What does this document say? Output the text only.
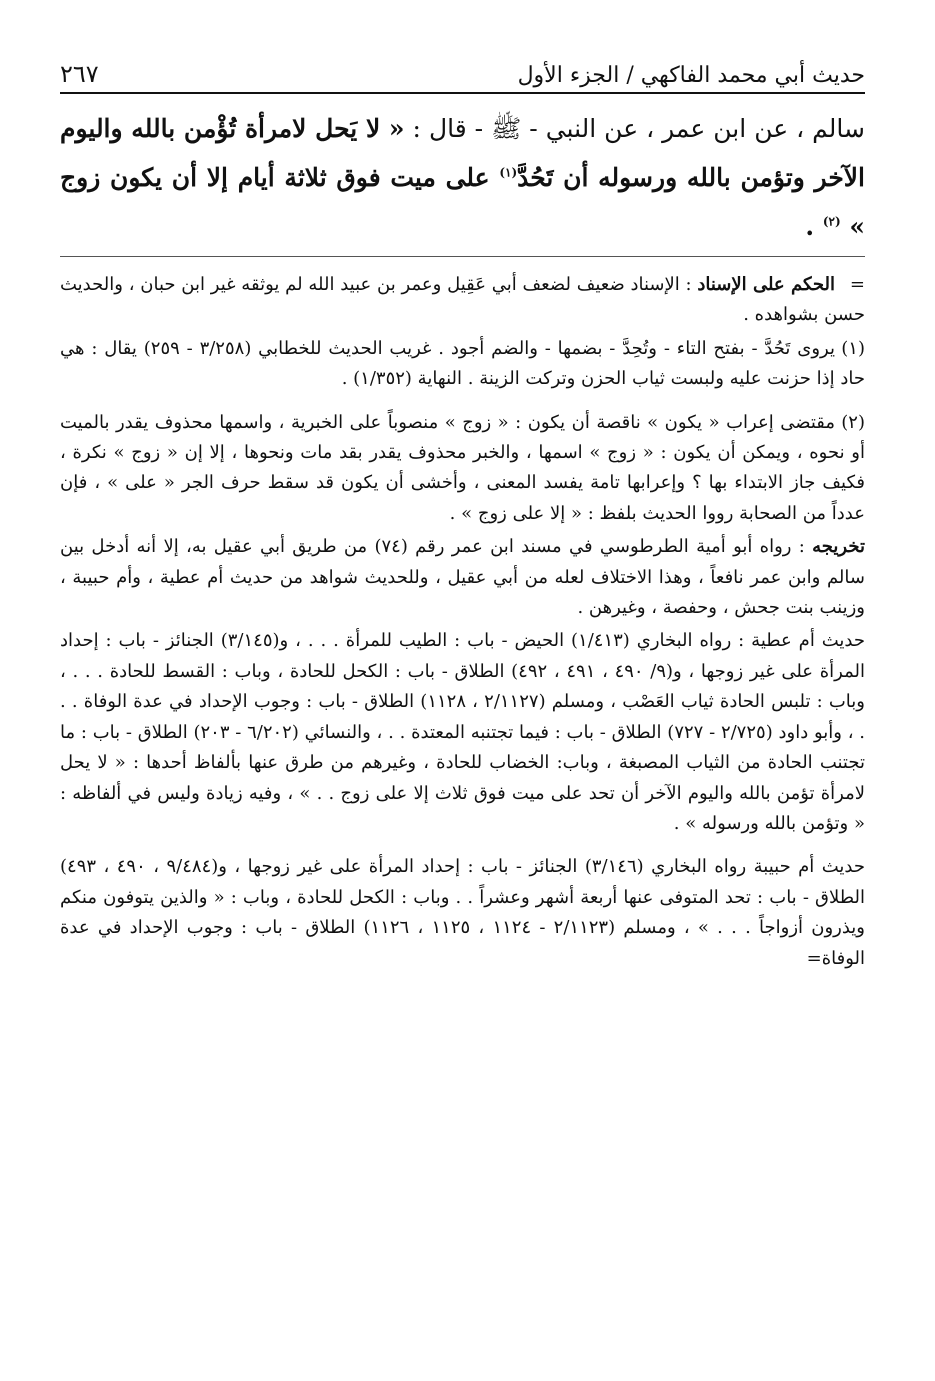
حديث أبي محمد الفاكهي / الجزء الأول
٢٦٧
سالم ، عن ابن عمر ، عن النبي - ﷺ - قال : « لا يَحل لامرأة تُؤْمن بالله واليوم الآخر وتؤمن بالله ورسوله أن تَحُدَّ$^{(١)}$ على ميت فوق ثلاثة أيام إلا أن يكون زوج » $^{(٢)}$ .

=الحكم على الإسناد : الإسناد ضعيف لضعف أبي عَقِيل وعمر بن عبيد الله لم يوثقه غير ابن حبان ، والحديث حسن بشواهده .

(١)يروى تَحُدَّ - بفتح التاء - وتُحِدَّ - بضمها - والضم أجود . غريب الحديث للخطابي (٣/٢٥٨ - ٢٥٩) يقال : هي حاد إذا حزنت عليه ولبست ثياب الحزن وتركت الزينة . النهاية (١/٣٥٢) .

(٢)مقتضى إعراب « يكون » ناقصة أن يكون : « زوج » منصوباً على الخبرية ، واسمها محذوف يقدر بالميت أو نحوه ، ويمكن أن يكون : « زوج » اسمها ، والخبر محذوف يقدر بقد مات ونحوها ، إلا إن « زوج » نكرة ، فكيف جاز الابتداء بها ؟ وإعرابها تامة يفسد المعنى ، وأخشى أن يكون قد سقط حرف الجر « على » ، فإن عدداً من الصحابة رووا الحديث بلفظ : « إلا على زوج » .

تخريجه : رواه أبو أمية الطرطوسي في مسند ابن عمر رقم (٧٤) من طريق أبي عقيل به، إلا أنه أدخل بين سالم وابن عمر نافعاً ، وهذا الاختلاف لعله من أبي عقيل ، وللحديث شواهد من حديث أم عطية ، وأم حبيبة ، وزينب بنت جحش ، وحفصة ، وغيرهن .

حديث أم عطية : رواه البخاري (١/٤١٣) الحيض - باب : الطيب للمرأة . . . ، و(٣/١٤٥) الجنائز - باب : إحداد المرأة على غير زوجها ، و(٩/ ٤٩٠ ، ٤٩١ ، ٤٩٢) الطلاق - باب : الكحل للحادة ، وباب : القسط للحادة . . . ، وباب : تلبس الحادة ثياب العَصْب ، ومسلم (٢/١١٢٧ ، ١١٢٨) الطلاق - باب : وجوب الإحداد في عدة الوفاة . . . ، وأبو داود (٢/٧٢٥ - ٧٢٧) الطلاق - باب : فيما تجتنبه المعتدة . . ، والنسائي (٦/٢٠٢ - ٢٠٣) الطلاق - باب : ما تجتنب الحادة من الثياب المصبغة ، وباب: الخضاب للحادة ، وغيرهم من طرق عنها بألفاظ أحدها : « لا يحل لامرأة تؤمن بالله واليوم الآخر أن تحد على ميت فوق ثلاث إلا على زوج . . » ، وفيه زيادة وليس في ألفاظه : « وتؤمن بالله ورسوله » .

حديث أم حبيبة رواه البخاري (٣/١٤٦) الجنائز - باب : إحداد المرأة على غير زوجها ، و(٩/٤٨٤ ، ٤٩٠ ، ٤٩٣) الطلاق - باب : تحد المتوفى عنها أربعة أشهر وعشراً . . وباب : الكحل للحادة ، وباب : « والذين يتوفون منكم ويذرون أزواجاً . . . » ، ومسلم (٢/١١٢٣ - ١١٢٤ ، ١١٢٥ ، ١١٢٦) الطلاق - باب : وجوب الإحداد في عدة الوفاة=
